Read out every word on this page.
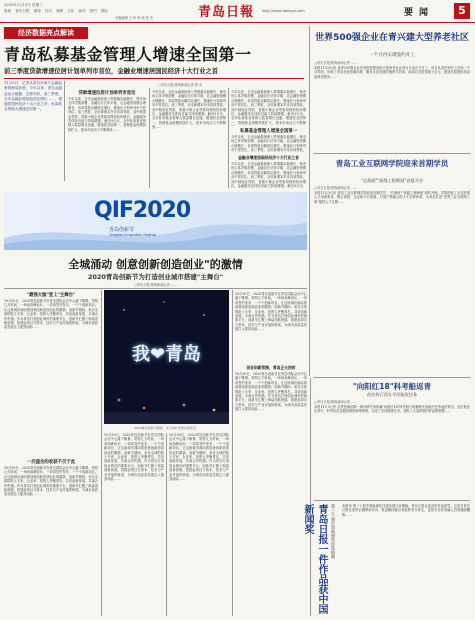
2020年11月4日 星期三
版面 青岛日报 要闻 经济 城事 文体 副刊 国内 国际
本版编辑 王 伟 审 读 张 杰	青岛日報 http://www.dailyqd.com	要闻	5
经济数据亮点解读
青岛私募基金管理人增速全国第一
前三季度贷款增速位居计划单列市首位，金融业增速居国民经济十大行业之首
11月3日，记者从青岛市地方金融监督管理局获悉，今年以来，青岛金融业运行稳健、态势向好。前三季度，全市金融业增加值同比增长……，增速居国民经济十大行业之首；私募基金管理人增速全国第一。
□青岛日报/观海新闻记者 廖 克
贷款增速位居计划单列市首位
今年以来，全市金融系统深入贯彻落实稳增长、保市场主体决策部署，金融运行总体平稳，社会融资规模合理增长，各项贷款余额同比增长，增速在计划单列市中居首位。前三季度，全市新增本外币各项贷款，其中制造业贷款、普惠小微企业贷款均保持较快增长，金融服务实体经济能力持续增强。截至9月末，全市私募基金管理人数量增长迅速，增速居全国第一，管理基金规模持续扩大，资本市场活力不断释放……
今年以来，全市金融系统深入贯彻落实稳增长、保市场主体决策部署，金融运行总体平稳，社会融资规模合理增长，各项贷款余额同比增长，增速在计划单列市中居首位。前三季度，全市新增本外币各项贷款，其中制造业贷款、普惠小微企业贷款均保持较快增长，金融服务实体经济能力持续增强。截至9月末，全市私募基金管理人数量增长迅速，增速居全国第一，管理基金规模持续扩大，资本市场活力不断释放……
今年以来，全市金融系统深入贯彻落实稳增长、保市场主体决策部署，金融运行总体平稳，社会融资规模合理增长，各项贷款余额同比增长，增速在计划单列市中居首位。前三季度，全市新增本外币各项贷款，其中制造业贷款、普惠小微企业贷款均保持较快增长，金融服务实体经济能力持续增强。截至9月末，全市私募基金管理人数量增长迅速，增速居全国第一，管理基金规模持续扩大，资本市场活力不断释
私募基金管理人增速全国第一
今年以来，全市金融系统深入贯彻落实稳增长、保市场主体决策部署，金融运行总体平稳，社会融资规模合理增长，各项贷款余额同比增长，增速在计划单列市中居首位。前三季度，全市新增本外币各项贷款，
金融业增速居国民经济十大行业之首
今年以来，全市金融系统深入贯彻落实稳增长、保市场主体决策部署，金融运行总体平稳，社会融资规模合理增长，各项贷款余额同比增长，增速在计划单列市中居首位。前三季度，全市新增本外币各项贷款，其中制造业贷款、普惠小微企业贷款均保持较快增长，金融服务实体经济能力持续增强。截至9月末，
世界500强企业在青兴建大型养老社区
一个月内实现签约开工
□青岛日报/观海新闻记者 ……
本报11月3日讯 世界500强企业在青投资建设的大型养老社区项目日前正式开工，项目从签约到开工仅用一个月时间，体现了青岛优化营商环境、服务企业发展的速度与效率。该项目总投资数十亿元，建成后将提供高品质养老服务……
青岛工业互联网学院迎来首期学员
"总裁班""高级工程师班"首批开学
□青岛日报/观海新闻记者 ……
本报11月3日讯 青岛工业互联网学院迎来首期学员，"总裁班""高级工程师班"同时开班。学院围绕工业互联网人才培养需求，整合高校、企业和平台资源，打造产教融合的人才培养体系，为青岛打造"世界工业互联网之都"提供人才支撑……
QIF2020
青岛创新节
Qingdao Innovation Festival
全城涌动 创意创新创造创业"的激情
2020青岛创新节为打造创业城市搭建"主舞台"
□青岛日报/观海新闻记者 ……
"最强大脑"登上"主舞台"
10月30日，2020青岛创新节在青岛国际会议中心落下帷幕。短短几天时间，一场场高峰论坛、一项项签约发布、一个个创新项目，让这座城市涌动着创意创新创造创业的激情。创新节期间，来自全球的院士专家、企业家、投资人齐聚青岛，共话创新发展，共谋合作机遇。作为青岛打造创业城市的重要平台，创新节汇聚了海量创新资源，搭建起项目与资本、技术与产业对接的桥梁，为城市高质量发展注入强劲动能……
一次盛会的收获不仅于此
10月30日，2020青岛创新节在青岛国际会议中心落下帷幕。短短几天时间，一场场高峰论坛、一项项签约发布、一个个创新项目，让这座城市涌动着创意创新创造创业的激情。创新节期间，来自全球的院士专家、企业家、投资人齐聚青岛，共话创新发展，共谋合作机遇。作为青岛打造创业城市的重要平台，创新节汇聚了海量创新资源，搭建起项目与资本、技术与产业对接的桥梁，为城市高质量发展注入强劲动能……
我❤青岛
2020青岛创新节期间，无人机灯光秀点亮夜空。
10月30日，2020青岛创新节在青岛国际会议中心落下帷幕。短短几天时间，一场场高峰论坛、一项项签约发布、一个个创新项目，让这座城市涌动着创意创新创造创业的激情。创新节期间，来自全球的院士专家、企业家、投资人齐聚青岛，共话创新发展，共谋合作机遇。作为青岛打造创业城市的重要平台，创新节汇聚了海量创新资源，搭建起项目与资本、技术与产业对接的桥梁，为城市高质量发展注入强劲动能……
10月30日，2020青岛创新节在青岛国际会议中心落下帷幕。短短几天时间，一场场高峰论坛、一项项签约发布、一个个创新项目，让这座城市涌动着创意创新创造创业的激情。创新节期间，来自全球的院士专家、企业家、投资人齐聚青岛，共话创新发展，共谋合作机遇。作为青岛打造创业城市的重要平台，创新节汇聚了海量创新资源，搭建起项目与资本、技术与产业对接的桥梁，为城市高质量发展注入强劲动能……
10月30日，2020青岛创新节在青岛国际会议中心落下帷幕。短短几天时间，一场场高峰论坛、一项项签约发布、一个个创新项目，让这座城市涌动着创意创新创造创业的激情。创新节期间，来自全球的院士专家、企业家、投资人齐聚青岛，共话创新发展，共谋合作机遇。作为青岛打造创业城市的重要平台，创新节汇聚了海量创新资源，搭建起项目与资本、技术与产业对接的桥梁，为城市高质量发展注入强劲动能……
创业创新氛围，青岛正火热时
10月30日，2020青岛创新节在青岛国际会议中心落下帷幕。短短几天时间，一场场高峰论坛、一项项签约发布、一个个创新项目，让这座城市涌动着创意创新创造创业的激情。创新节期间，来自全球的院士专家、企业家、投资人齐聚青岛，共话创新发展，共谋合作机遇。作为青岛打造创业城市的重要平台，创新节汇聚了海量创新资源，搭建起项目与资本、技术与产业对接的桥梁，为城市高质量发展注入强劲动能……
"向阳红18"科考船返青
首次执行西太平洋航次任务
□青岛日报/观海新闻记者 ……
本报11月3日讯 自然资源部第一海洋研究所所属"向阳红18"科考船日前顺利完成航次任务返回青岛。此次航次任务中，科考队员克服疫情影响等困难，完成了多项调查任务，获取了大量珍贵的样品和数据……
青岛日报一件作品获中国新闻奖	第三十届中国新闻奖评选揭晓	本报讯 第三十届中国新闻奖评选结果日前揭晓，青岛日报社选送的作品获奖。这是对青岛日报社坚持正确舆论导向、推进媒体融合发展的充分肯定，也是对全体采编人员的激励鞭策……
